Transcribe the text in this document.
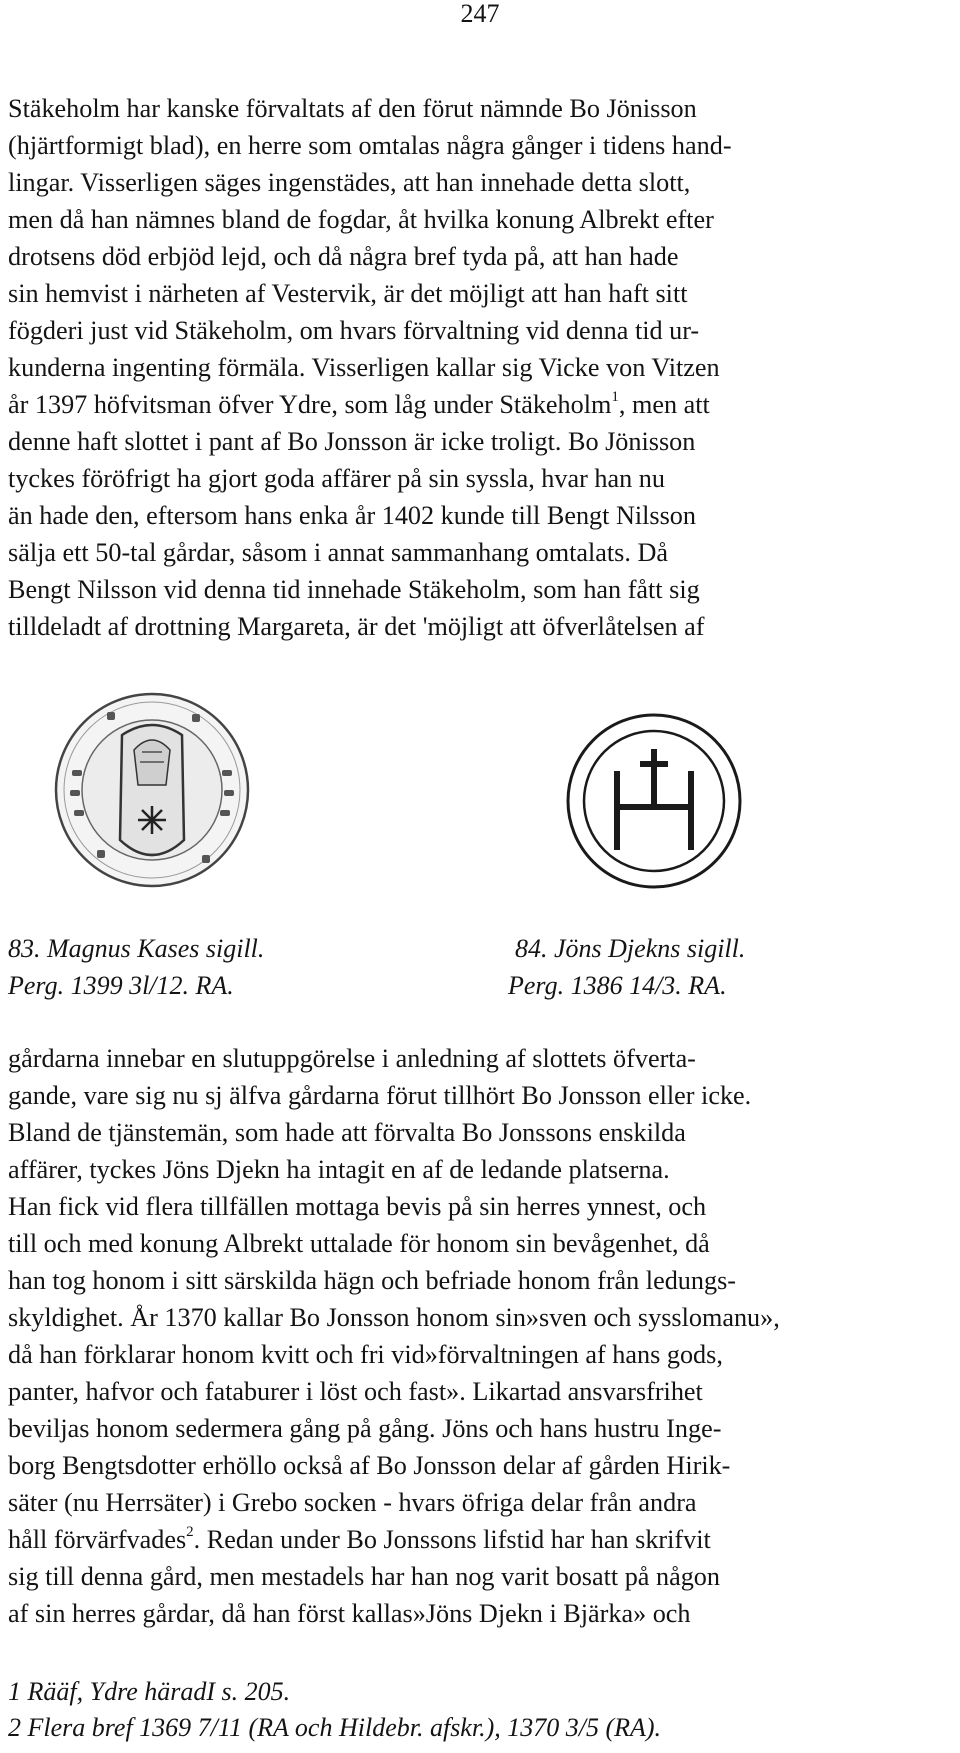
247
Stäkeholm har kanske förvaltats af den förut nämnde Bo Jönisson
(hjärtformigt blad), en herre som omtalas några gånger i tidens hand-
lingar. Visserligen säges ingenstädes, att han innehade detta slott,
men då han nämnes bland de fogdar, åt hvilka konung Albrekt efter
drotsens död erbjöd lejd, och då några bref tyda på, att han hade
sin hemvist i närheten af Vestervik, är det möjligt att han haft sitt
fögderi just vid Stäkeholm, om hvars förvaltning vid denna tid ur-
kunderna ingenting förmäla. Visserligen kallar sig Vicke von Vitzen
år 1397 höfvitsman öfver Ydre, som låg under Stäkeholm$^1$, men att
denne haft slottet i pant af Bo Jonsson är icke troligt. Bo Jönisson
tyckes föröfrigt ha gjort goda affärer på sin syssla, hvar han nu
än hade den, eftersom hans enka år 1402 kunde till Bengt Nilsson
sälja ett 50-tal gårdar, såsom i annat sammanhang omtalats. Då
Bengt Nilsson vid denna tid innehade Stäkeholm, som han fått sig
tilldeladt af drottning Margareta, är det 'möjligt att öfverlåtelsen af
83. Magnus Kases sigill.
Perg. 1399 3l/12. RA.
84. Jöns Djekns sigill.
Perg. 1386 14/3. RA.
gårdarna innebar en slutuppgörelse i anledning af slottets öfverta-
gande, vare sig nu sj älfva gårdarna förut tillhört Bo Jonsson eller icke.
Bland de tjänstemän, som hade att förvalta Bo Jonssons enskilda
affärer, tyckes Jöns Djekn ha intagit en af de ledande platserna.
Han fick vid flera tillfällen mottaga bevis på sin herres ynnest, och
till och med konung Albrekt uttalade för honom sin bevågenhet, då
han tog honom i sitt särskilda hägn och befriade honom från ledungs-
skyldighet. År 1370 kallar Bo Jonsson honom sin»sven och sysslomanu»,
då han förklarar honom kvitt och fri vid»förvaltningen af hans gods,
panter, hafvor och fataburer i löst och fast». Likartad ansvarsfrihet
beviljas honom sedermera gång på gång. Jöns och hans hustru Inge-
borg Bengtsdotter erhöllo också af Bo Jonsson delar af gården Hirik-
säter (nu Herrsäter) i Grebo socken - hvars öfriga delar från andra
håll förvärfvades$^2$. Redan under Bo Jonssons lifstid har han skrifvit
sig till denna gård, men mestadels har han nog varit bosatt på någon
af sin herres gårdar, då han först kallas»Jöns Djekn i Bjärka» och
1 Rääf, Ydre häradI s. 205.
2 Flera bref 1369 7/11 (RA och Hildebr. afskr.), 1370 3/5 (RA).
